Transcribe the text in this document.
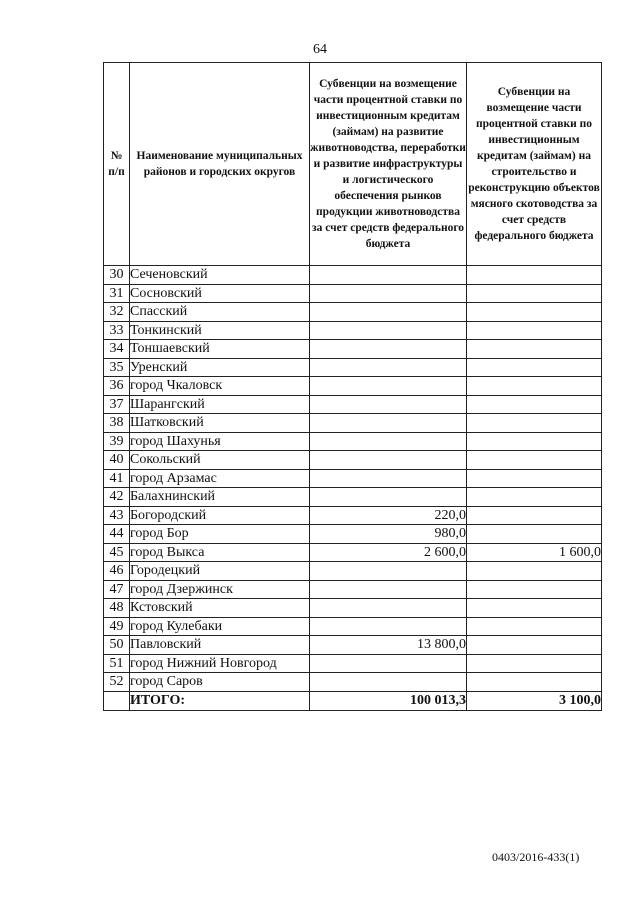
64
№ п/п	Наименование муниципальных районов и городских округов	Субвенции на возмещение части процентной ставки по инвестиционным кредитам (займам) на развитие животноводства, переработки и развитие инфраструктуры и логистического обеспечения рынков продукции животноводства за счет средств федерального бюджета	Субвенции на возмещение части процентной ставки по инвестиционным кредитам (займам) на строительство и реконструкцию объектов мясного скотоводства за счет средств федерального бюджета
30	Сеченовский		
31	Сосновский		
32	Спасский		
33	Тонкинский		
34	Тоншаевский		
35	Уренский		
36	город Чкаловск		
37	Шарангский		
38	Шатковский		
39	город Шахунья		
40	Сокольский		
41	город Арзамас		
42	Балахнинский		
43	Богородский	220,0	
44	город Бор	980,0	
45	город Выкса	2 600,0	1 600,0
46	Городецкий		
47	город Дзержинск		
48	Кстовский		
49	город Кулебаки		
50	Павловский	13 800,0	
51	город Нижний Новгород		
52	город Саров		
	ИТОГО:	100 013,3	3 100,0
0403/2016-433(1)
